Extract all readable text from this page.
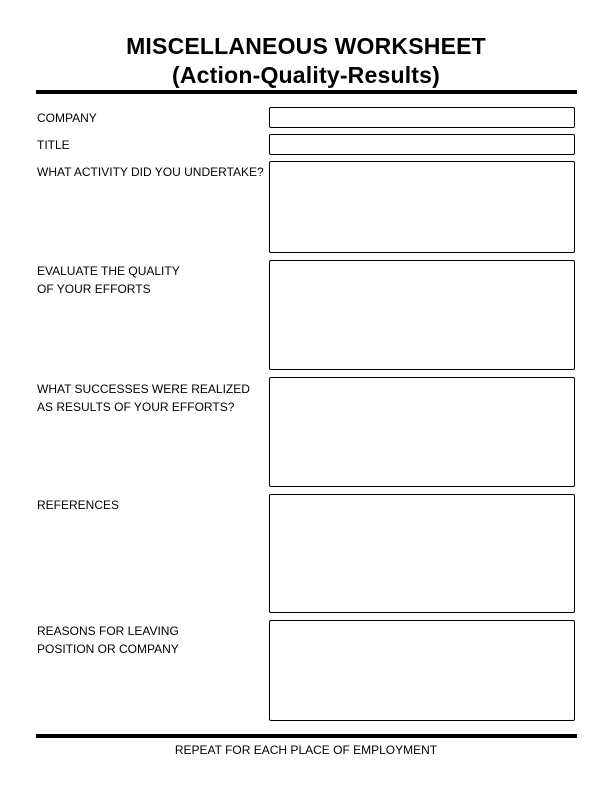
MISCELLANEOUS WORKSHEET
(Action-Quality-Results)
COMPANY
TITLE
WHAT ACTIVITY DID YOU UNDERTAKE?
EVALUATE THE QUALITY
OF YOUR EFFORTS
WHAT SUCCESSES WERE REALIZED
AS RESULTS OF YOUR EFFORTS?
REFERENCES
REASONS FOR LEAVING
POSITION OR COMPANY
REPEAT FOR EACH PLACE OF EMPLOYMENT
